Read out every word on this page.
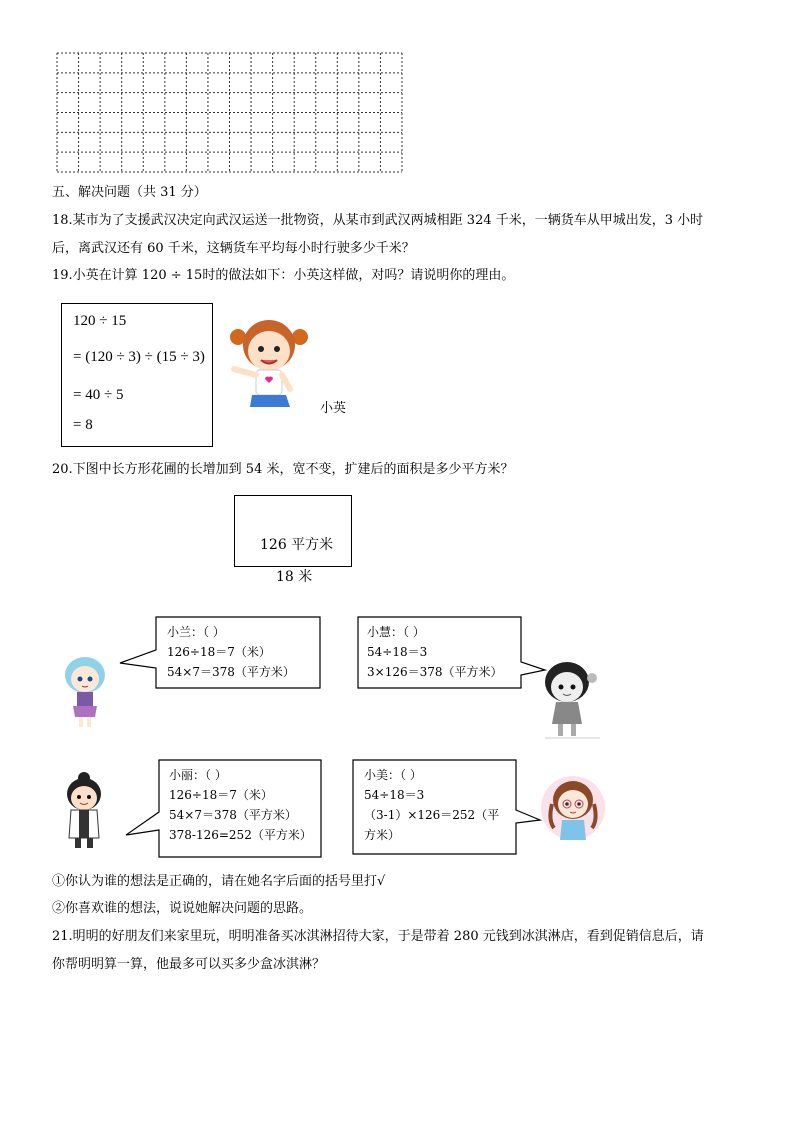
五、解决问题（共 31 分）
18.某市为了支援武汉决定向武汉运送一批物资，从某市到武汉两城相距 324 千米，一辆货车从甲城出发，3 小时
后，离武汉还有 60 千米，这辆货车平均每小时行驶多少千米？
19.小英在计算 120 ÷ 15时的做法如下：小英这样做，对吗？请说明你的理由。
120 ÷ 15
= (120 ÷ 3) ÷ (15 ÷ 3)
= 40 ÷ 5
= 8
小英
20.下图中长方形花圃的长增加到 54 米，宽不变，扩建后的面积是多少平方米？
126 平方米
18 米
小兰：（ ）
126÷18＝7（米）
54×7＝378（平方米）
小慧：（ ）
54÷18＝3
3×126＝378（平方米）
小丽：（ ）
126÷18＝7（米）
54×7＝378（平方米）
378-126=252（平方米）
小美：（ ）
54÷18＝3
（3-1）×126＝252（平
方米）
①你认为谁的想法是正确的，请在她名字后面的括号里打√
②你喜欢谁的想法，说说她解决问题的思路。
21.明明的好朋友们来家里玩，明明准备买冰淇淋招待大家，于是带着 280 元钱到冰淇淋店，看到促销信息后，请
你帮明明算一算，他最多可以买多少盒冰淇淋？
